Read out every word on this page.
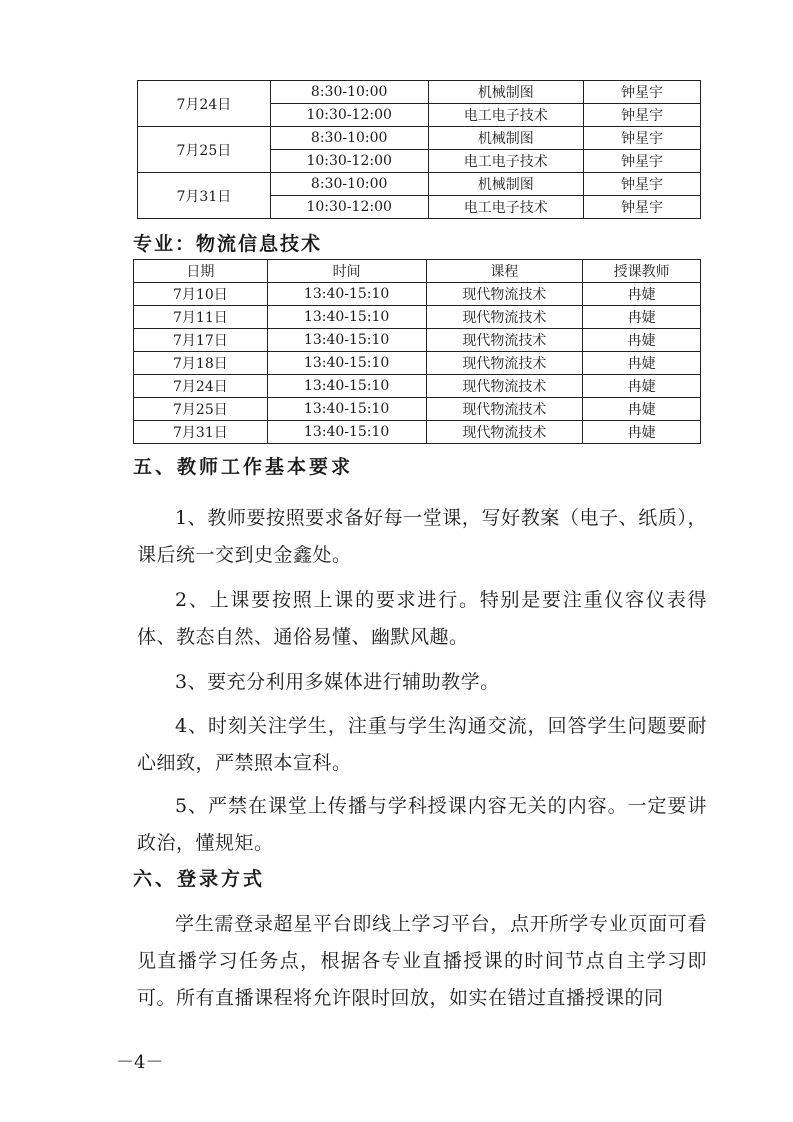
7月24日	8:30-10:00	机械制图	钟星宇
	10:30-12:00	电工电子技术	钟星宇
7月25日	8:30-10:00	机械制图	钟星宇
	10:30-12:00	电工电子技术	钟星宇
7月31日	8:30-10:00	机械制图	钟星宇
	10:30-12:00	电工电子技术	钟星宇
专业：物流信息技术
日期	时间	课程	授课教师
7月10日	13:40-15:10	现代物流技术	冉婕
7月11日	13:40-15:10	现代物流技术	冉婕
7月17日	13:40-15:10	现代物流技术	冉婕
7月18日	13:40-15:10	现代物流技术	冉婕
7月24日	13:40-15:10	现代物流技术	冉婕
7月25日	13:40-15:10	现代物流技术	冉婕
7月31日	13:40-15:10	现代物流技术	冉婕
五、教师工作基本要求
1、教师要按照要求备好每一堂课，写好教案（电子、纸质），课后统一交到史金鑫处。
2、上课要按照上课的要求进行。特别是要注重仪容仪表得体、教态自然、通俗易懂、幽默风趣。
3、要充分利用多媒体进行辅助教学。
4、时刻关注学生，注重与学生沟通交流，回答学生问题要耐心细致，严禁照本宣科。
5、严禁在课堂上传播与学科授课内容无关的内容。一定要讲政治，懂规矩。
六、登录方式
学生需登录超星平台即线上学习平台，点开所学专业页面可看见直播学习任务点，根据各专业直播授课的时间节点自主学习即可。所有直播课程将允许限时回放，如实在错过直播授课的同
－4－
